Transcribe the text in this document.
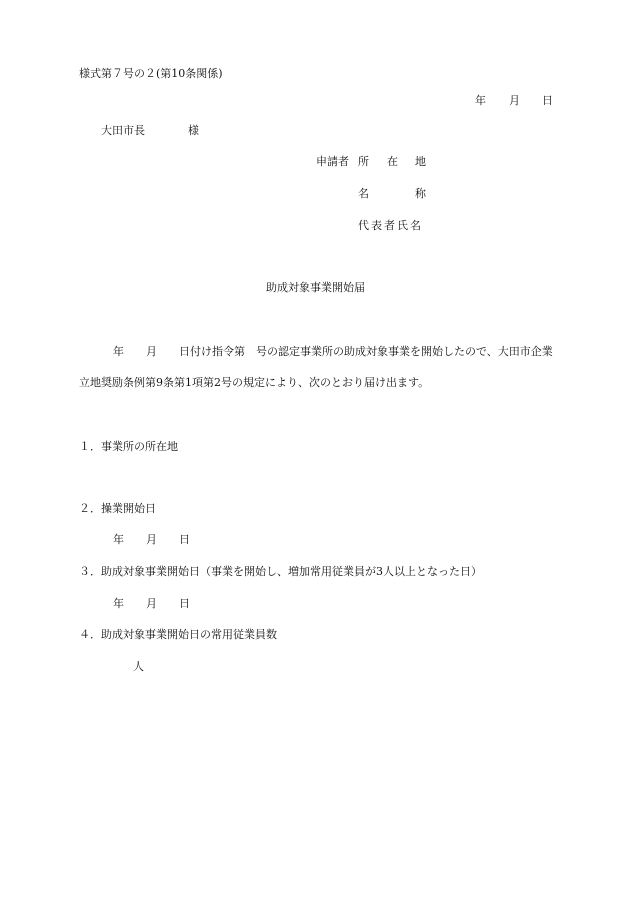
様式第７号の２(第10条関係)
年 月 日
大田市長	様
申請者 所 在 地
名	称
代表者氏名
助成対象事業開始届
年 月 日付け指令第 号の認定事業所の助成対象事業を開始したので、大田市企業
立地奨励条例第9条第1項第2号の規定により、次のとおり届け出ます。
１．事業所の所在地
２．操業開始日
年 月 日
３．助成対象事業開始日（事業を開始し、増加常用従業員が3人以上となった日）
年 月 日
４．助成対象事業開始日の常用従業員数
人
